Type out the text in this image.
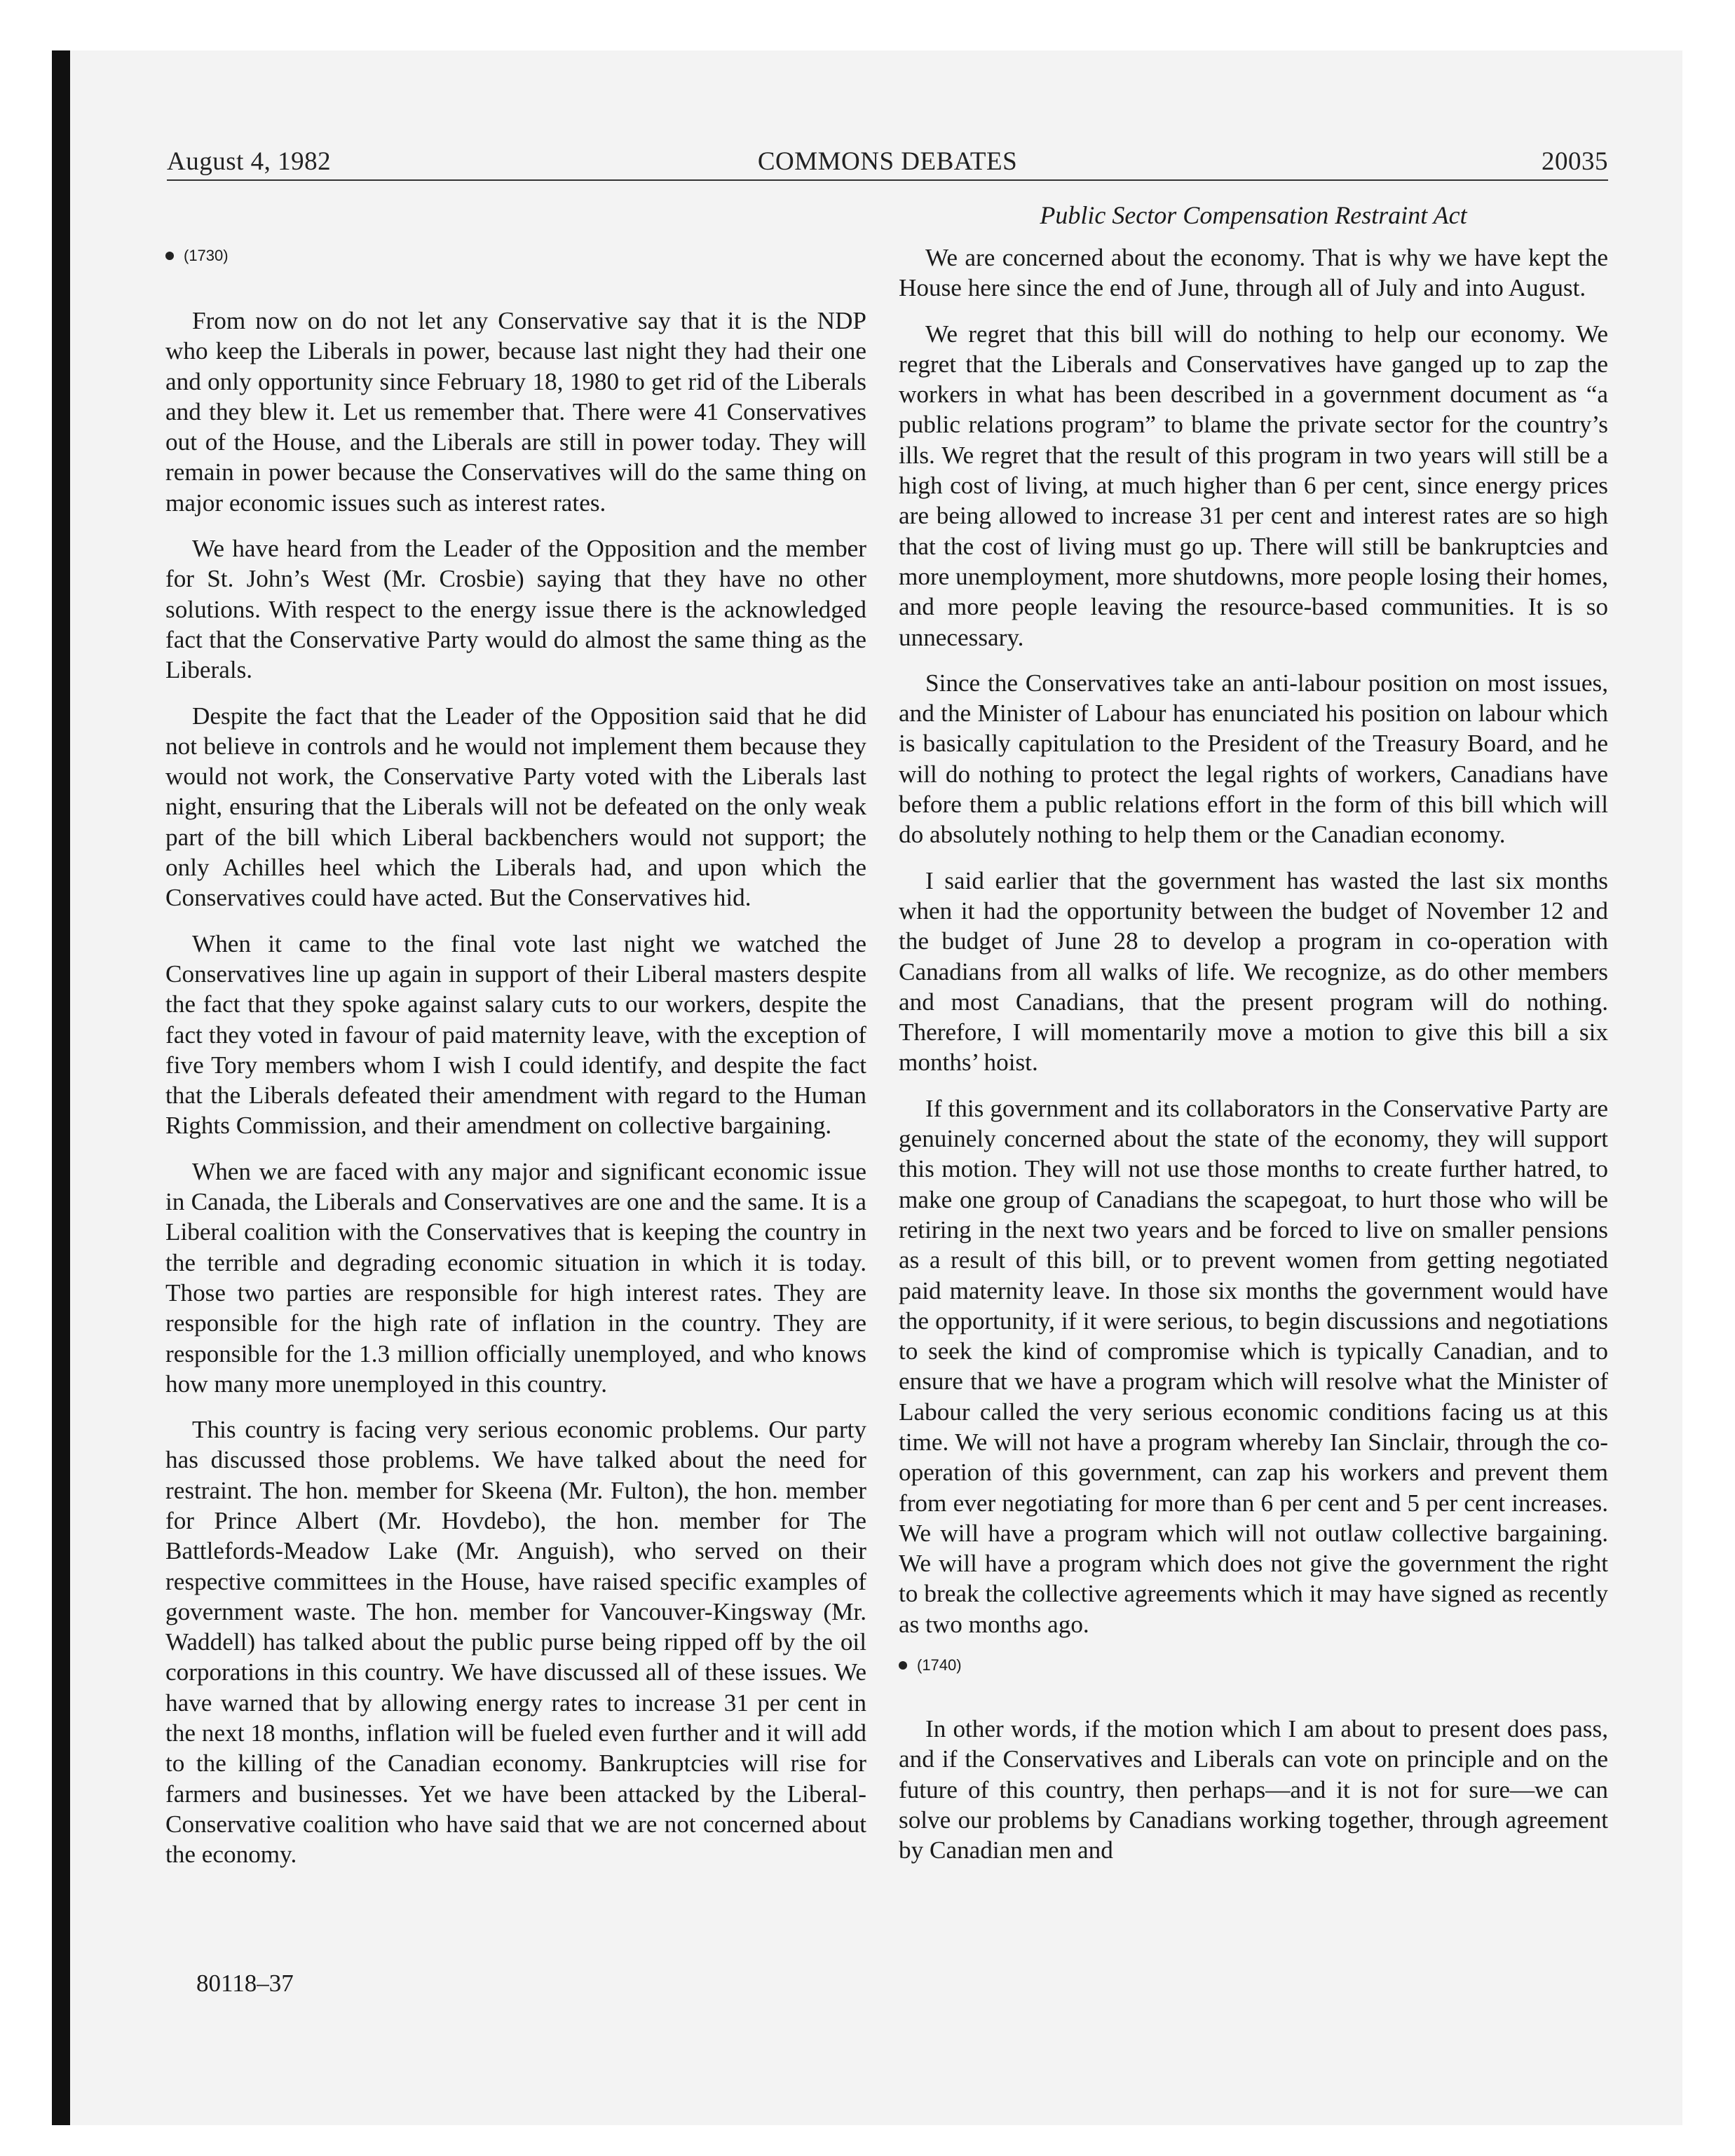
August 4, 1982	COMMONS DEBATES	20035
Public Sector Compensation Restraint Act
(1730)

From now on do not let any Conservative say that it is the NDP who keep the Liberals in power, because last night they had their one and only opportunity since February 18, 1980 to get rid of the Liberals and they blew it. Let us remember that. There were 41 Conservatives out of the House, and the Liberals are still in power today. They will remain in power because the Conservatives will do the same thing on major economic issues such as interest rates.

We have heard from the Leader of the Opposition and the member for St. John’s West (Mr. Crosbie) saying that they have no other solutions. With respect to the energy issue there is the acknowledged fact that the Conservative Party would do almost the same thing as the Liberals.

Despite the fact that the Leader of the Opposition said that he did not believe in controls and he would not implement them because they would not work, the Conservative Party voted with the Liberals last night, ensuring that the Liberals will not be defeated on the only weak part of the bill which Liberal backbenchers would not support; the only Achilles heel which the Liberals had, and upon which the Conservatives could have acted. But the Conservatives hid.

When it came to the final vote last night we watched the Conservatives line up again in support of their Liberal masters despite the fact that they spoke against salary cuts to our workers, despite the fact they voted in favour of paid maternity leave, with the exception of five Tory members whom I wish I could identify, and despite the fact that the Liberals defeated their amendment with regard to the Human Rights Commission, and their amendment on collective bargaining.

When we are faced with any major and significant economic issue in Canada, the Liberals and Conservatives are one and the same. It is a Liberal coalition with the Conservatives that is keeping the country in the terrible and degrading economic situation in which it is today. Those two parties are responsible for high interest rates. They are responsible for the high rate of inflation in the country. They are responsible for the 1.3 million officially unemployed, and who knows how many more unemployed in this country.

This country is facing very serious economic problems. Our party has discussed those problems. We have talked about the need for restraint. The hon. member for Skeena (Mr. Fulton), the hon. member for Prince Albert (Mr. Hovdebo), the hon. member for The Battlefords-Meadow Lake (Mr. Anguish), who served on their respective committees in the House, have raised specific examples of government waste. The hon. member for Vancouver-Kingsway (Mr. Waddell) has talked about the public purse being ripped off by the oil corporations in this country. We have discussed all of these issues. We have warned that by allowing energy rates to increase 31 per cent in the next 18 months, inflation will be fueled even further and it will add to the killing of the Canadian economy. Bankruptcies will rise for farmers and businesses. Yet we have been attacked by the Liberal-Conservative coalition who have said that we are not concerned about the economy.

We are concerned about the economy. That is why we have kept the House here since the end of June, through all of July and into August.

We regret that this bill will do nothing to help our economy. We regret that the Liberals and Conservatives have ganged up to zap the workers in what has been described in a government document as “a public relations program” to blame the private sector for the country’s ills. We regret that the result of this program in two years will still be a high cost of living, at much higher than 6 per cent, since energy prices are being allowed to increase 31 per cent and interest rates are so high that the cost of living must go up. There will still be bankruptcies and more unemployment, more shutdowns, more people losing their homes, and more people leaving the resource-based communities. It is so unnecessary.

Since the Conservatives take an anti-labour position on most issues, and the Minister of Labour has enunciated his position on labour which is basically capitulation to the President of the Treasury Board, and he will do nothing to protect the legal rights of workers, Canadians have before them a public relations effort in the form of this bill which will do absolutely nothing to help them or the Canadian economy.

I said earlier that the government has wasted the last six months when it had the opportunity between the budget of November 12 and the budget of June 28 to develop a program in co-operation with Canadians from all walks of life. We recognize, as do other members and most Canadians, that the present program will do nothing. Therefore, I will momentarily move a motion to give this bill a six months’ hoist.

If this government and its collaborators in the Conservative Party are genuinely concerned about the state of the economy, they will support this motion. They will not use those months to create further hatred, to make one group of Canadians the scapegoat, to hurt those who will be retiring in the next two years and be forced to live on smaller pensions as a result of this bill, or to prevent women from getting negotiated paid maternity leave. In those six months the government would have the opportunity, if it were serious, to begin discussions and negotiations to seek the kind of compromise which is typically Canadian, and to ensure that we have a program which will resolve what the Minister of Labour called the very serious economic conditions facing us at this time. We will not have a program whereby Ian Sinclair, through the co-operation of this government, can zap his workers and prevent them from ever negotiating for more than 6 per cent and 5 per cent increases. We will have a program which will not outlaw collective bargaining. We will have a program which does not give the government the right to break the collective agreements which it may have signed as recently as two months ago.

(1740)

In other words, if the motion which I am about to present does pass, and if the Conservatives and Liberals can vote on principle and on the future of this country, then perhaps—and it is not for sure—we can solve our problems by Canadians working together, through agreement by Canadian men and

80118–37
